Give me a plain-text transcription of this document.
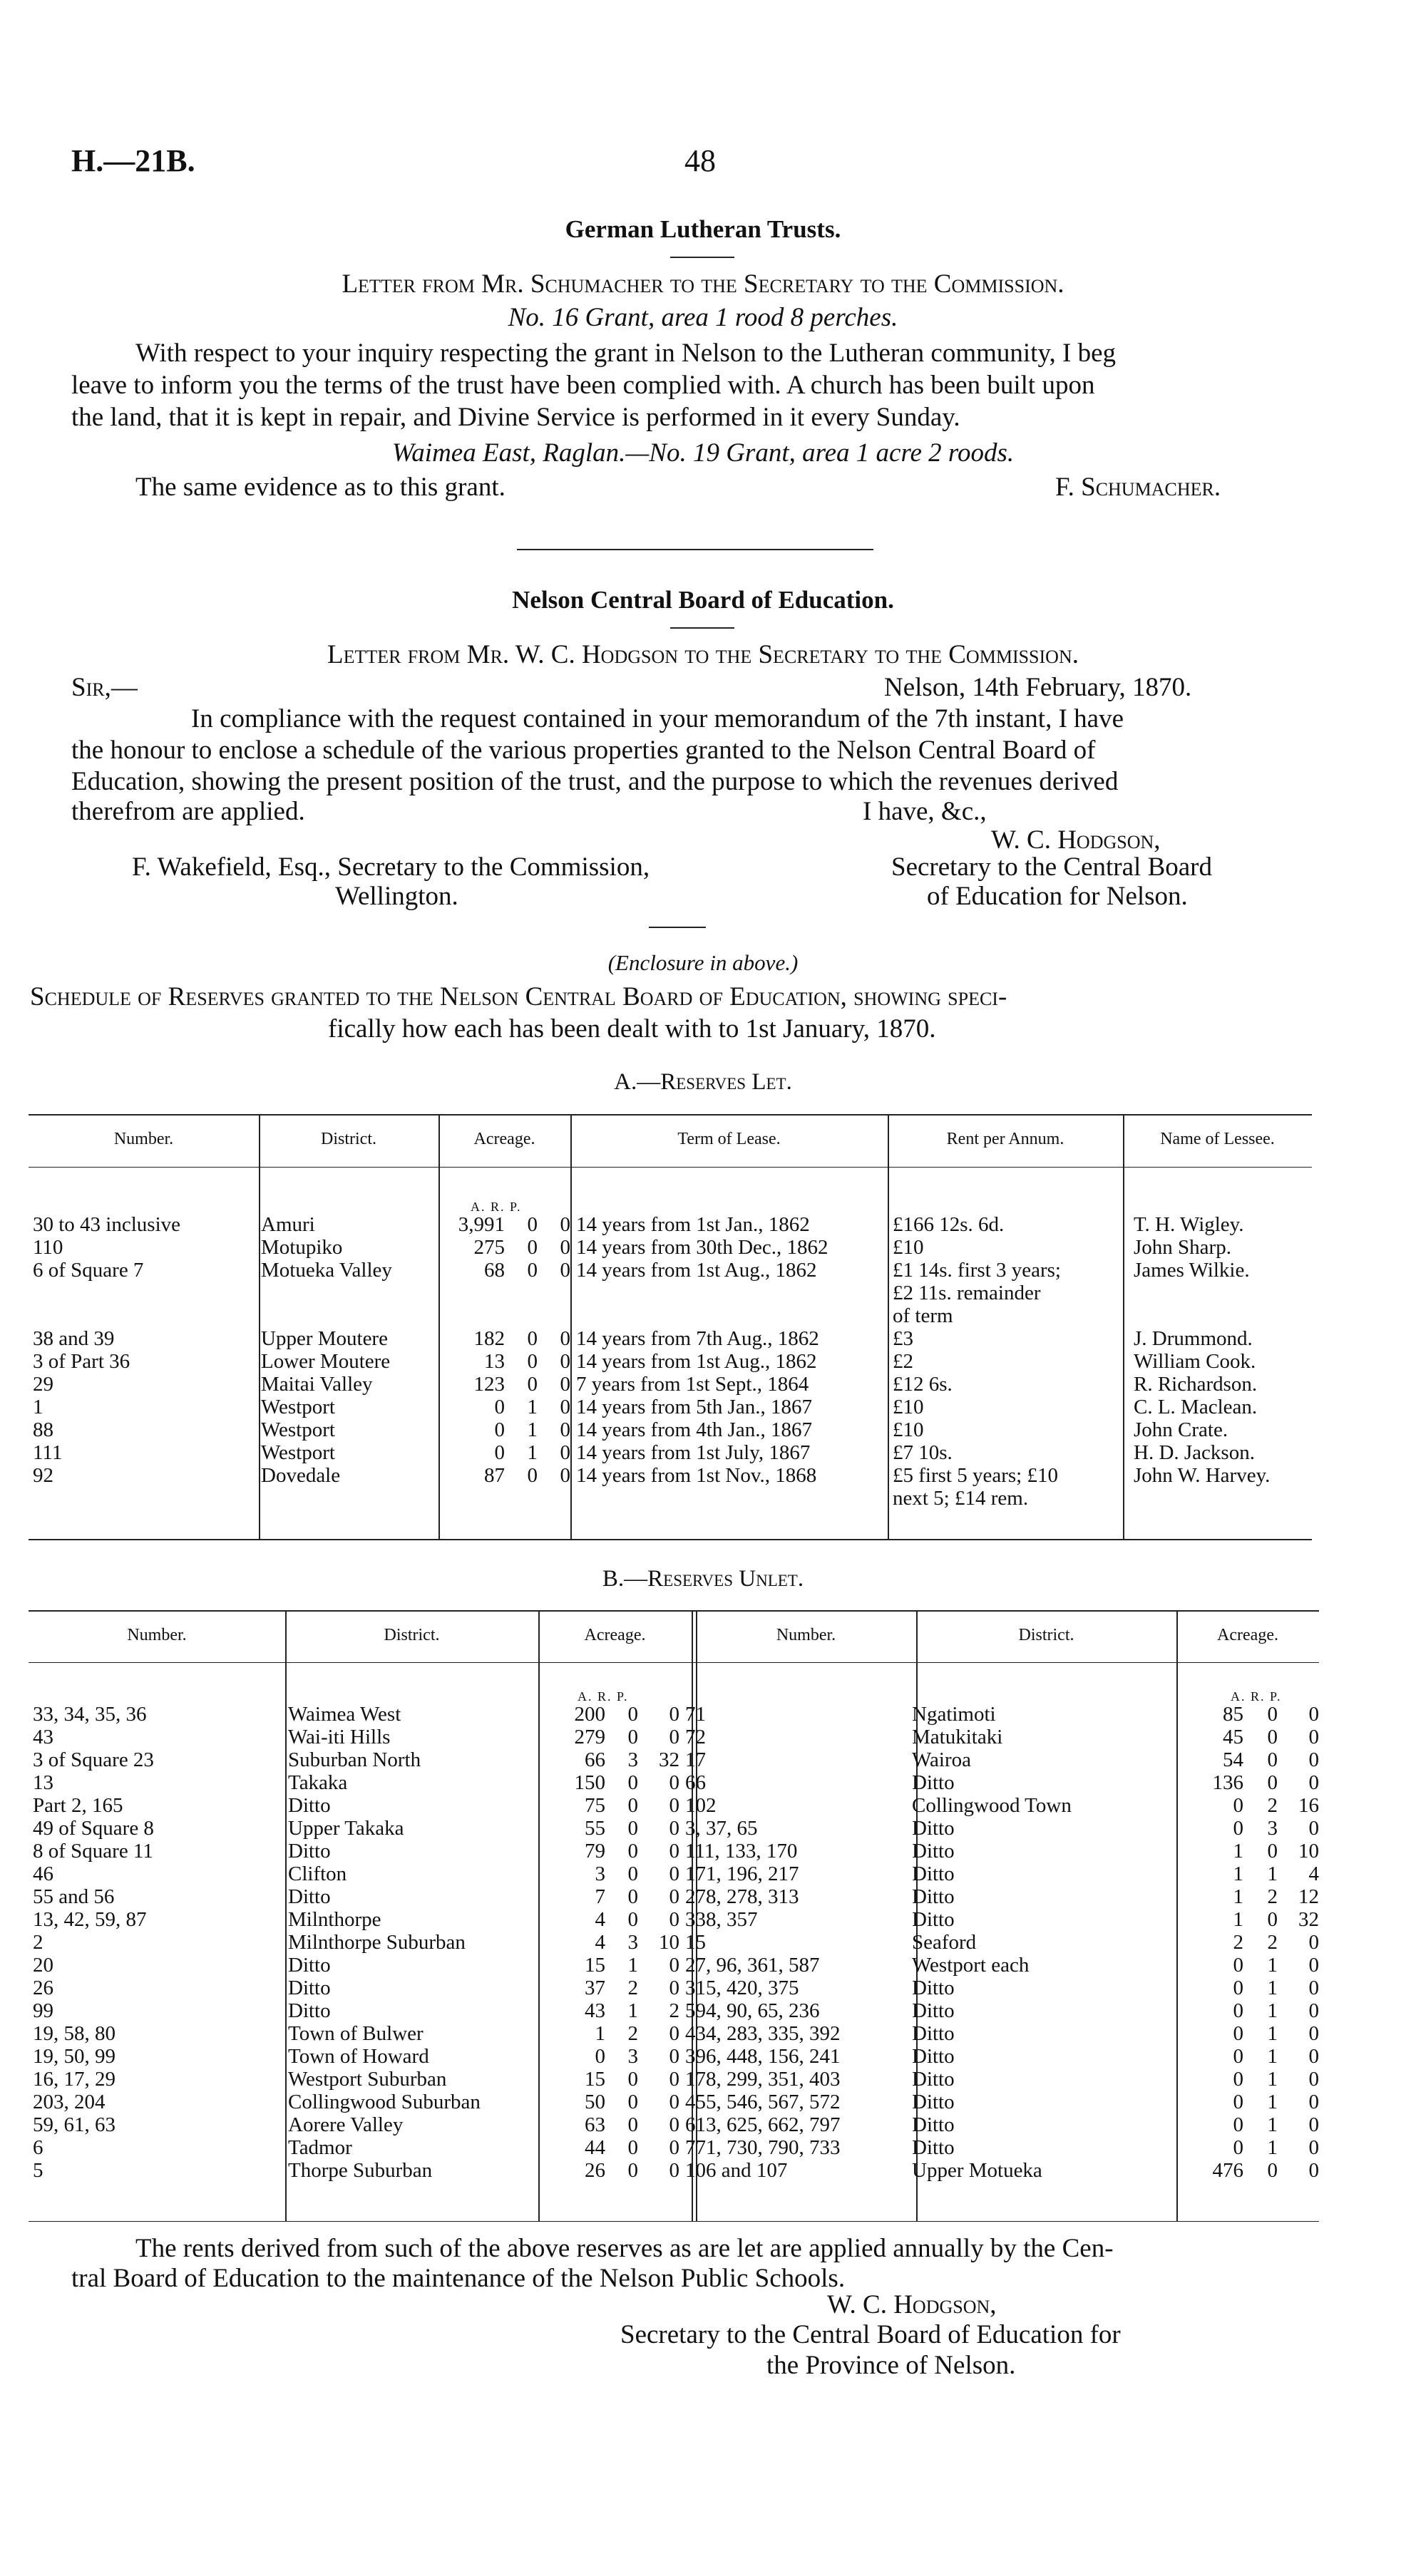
H.—21B.	48
German Lutheran Trusts.
Letter from Mr. Schumacher to the Secretary to the Commission.
No. 16 Grant, area 1 rood 8 perches.
With respect to your inquiry respecting the grant in Nelson to the Lutheran community, I beg
leave to inform you the terms of the trust have been complied with. A church has been built upon
the land, that it is kept in repair, and Divine Service is performed in it every Sunday.
Waimea East, Raglan.—No. 19 Grant, area 1 acre 2 roods.
The same evidence as to this grant.	F. Schumacher.
Nelson Central Board of Education.
Letter from Mr. W. C. Hodgson to the Secretary to the Commission.
Sir,—	Nelson, 14th February, 1870.
In compliance with the request contained in your memorandum of the 7th instant, I have
the honour to enclose a schedule of the various properties granted to the Nelson Central Board of
Education, showing the present position of the trust, and the purpose to which the revenues derived
therefrom are applied.	I have, &c.,
W. C. Hodgson,
F. Wakefield, Esq., Secretary to the Commission,	Secretary to the Central Board
Wellington.	of Education for Nelson.
(Enclosure in above.)
Schedule of Reserves granted to the Nelson Central Board of Education, showing speci-
fically how each has been dealt with to 1st January, 1870.
A.—Reserves Let.
Number.	District.	Acreage.	Term of Lease.	Rent per Annum.	Name of Lessee.
A. R. P.
30 to 43 inclusive	Amuri	3,991	0	0	14 years from 1st Jan., 1862	£166 12s. 6d.	T. H. Wigley.
110	Motupiko	275	0	0	14 years from 30th Dec., 1862	£10	John Sharp.
6 of Square 7	Motueka Valley	68	0	0	14 years from 1st Aug., 1862	£1 14s. first 3 years;	James Wilkie.
						£2 11s. remainder	
						of term	
38 and 39	Upper Moutere	182	0	0	14 years from 7th Aug., 1862	£3	J. Drummond.
3 of Part 36	Lower Moutere	13	0	0	14 years from 1st Aug., 1862	£2	William Cook.
29	Maitai Valley	123	0	0	7 years from 1st Sept., 1864	£12 6s.	R. Richardson.
1	Westport	0	1	0	14 years from 5th Jan., 1867	£10	C. L. Maclean.
88	Westport	0	1	0	14 years from 4th Jan., 1867	£10	John Crate.
111	Westport	0	1	0	14 years from 1st July, 1867	£7 10s.	H. D. Jackson.
92	Dovedale	87	0	0	14 years from 1st Nov., 1868	£5 first 5 years; £10	John W. Harvey.
						next 5; £14 rem.	
B.—Reserves Unlet.
Number.	District.	Acreage.	Number.	District.	Acreage.
A. R. P.	A. R. P.
33, 34, 35, 36	Waimea West	200	0	0	71	Ngatimoti	85	0	0
43	Wai-iti Hills	279	0	0	72	Matukitaki	45	0	0
3 of Square 23	Suburban North	66	3	32	17	Wairoa	54	0	0
13	Takaka	150	0	0	66	Ditto	136	0	0
Part 2, 165	Ditto	75	0	0	102	Collingwood Town	0	2	16
49 of Square 8	Upper Takaka	55	0	0	3, 37, 65	Ditto	0	3	0
8 of Square 11	Ditto	79	0	0	111, 133, 170	Ditto	1	0	10
46	Clifton	3	0	0	171, 196, 217	Ditto	1	1	4
55 and 56	Ditto	7	0	0	278, 278, 313	Ditto	1	2	12
13, 42, 59, 87	Milnthorpe	4	0	0	338, 357	Ditto	1	0	32
2	Milnthorpe Suburban	4	3	10	15	Seaford	2	2	0
20	Ditto	15	1	0	27, 96, 361, 587	Westport each	0	1	0
26	Ditto	37	2	0	315, 420, 375	Ditto	0	1	0
99	Ditto	43	1	2	594, 90, 65, 236	Ditto	0	1	0
19, 58, 80	Town of Bulwer	1	2	0	434, 283, 335, 392	Ditto	0	1	0
19, 50, 99	Town of Howard	0	3	0	396, 448, 156, 241	Ditto	0	1	0
16, 17, 29	Westport Suburban	15	0	0	178, 299, 351, 403	Ditto	0	1	0
203, 204	Collingwood Suburban	50	0	0	455, 546, 567, 572	Ditto	0	1	0
59, 61, 63	Aorere Valley	63	0	0	613, 625, 662, 797	Ditto	0	1	0
6	Tadmor	44	0	0	771, 730, 790, 733	Ditto	0	1	0
5	Thorpe Suburban	26	0	0	106 and 107	Upper Motueka	476	0	0
The rents derived from such of the above reserves as are let are applied annually by the Cen-
tral Board of Education to the maintenance of the Nelson Public Schools.
W. C. Hodgson,
Secretary to the Central Board of Education for
the Province of Nelson.
